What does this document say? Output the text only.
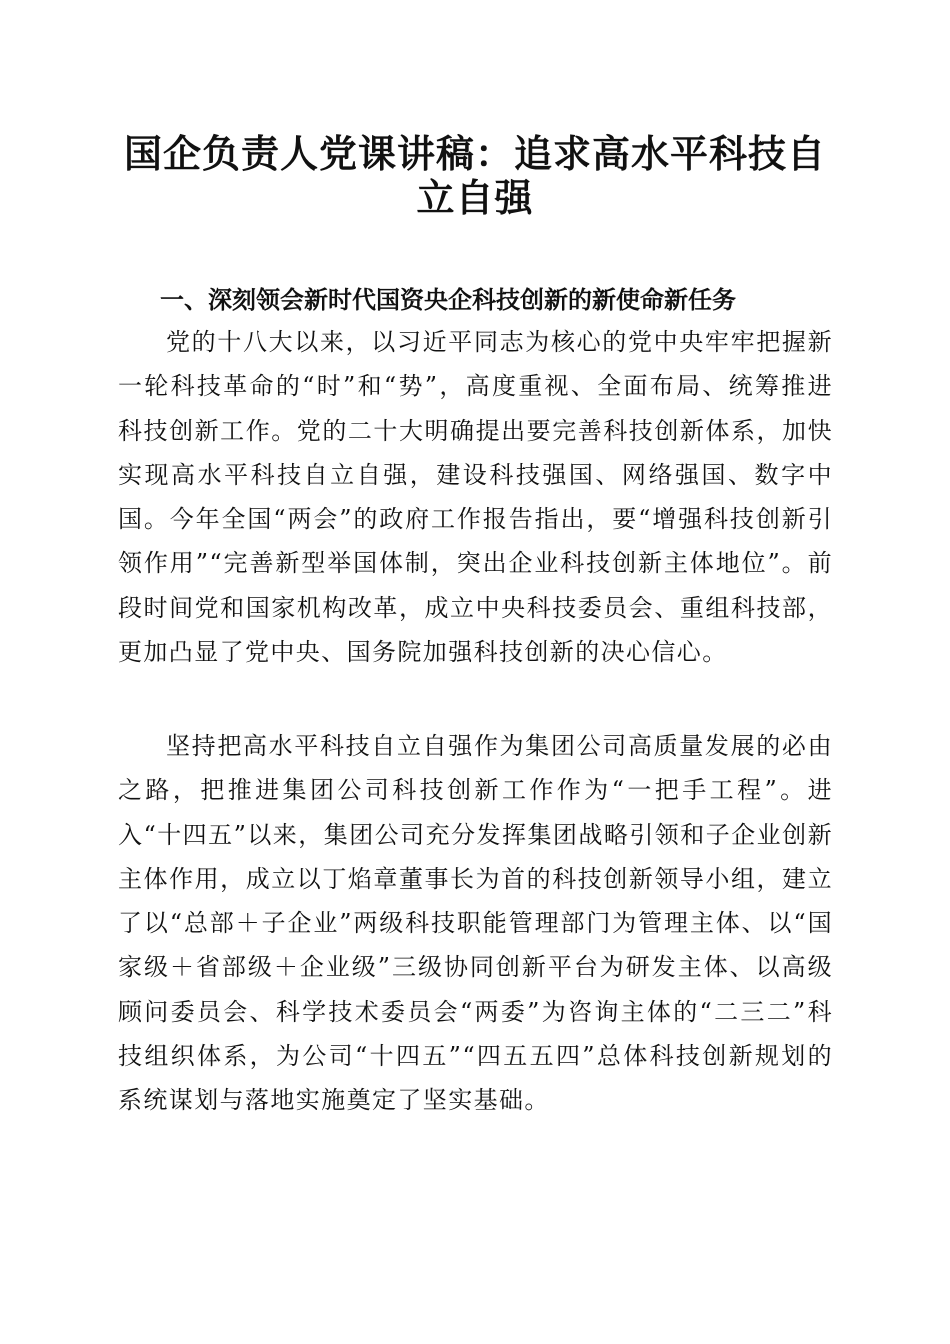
国企负责人党课讲稿：追求高水平科技自立自强
一、深刻领会新时代国资央企科技创新的新使命新任务

党的十八大以来，以习近平同志为核心的党中央牢牢把握新一轮科技革命的“时”和“势”，高度重视、全面布局、统筹推进科技创新工作。党的二十大明确提出要完善科技创新体系，加快实现高水平科技自立自强，建设科技强国、网络强国、数字中国。今年全国“两会”的政府工作报告指出，要“增强科技创新引领作用”“完善新型举国体制，突出企业科技创新主体地位”。前段时间党和国家机构改革，成立中央科技委员会、重组科技部，更加凸显了党中央、国务院加强科技创新的决心信心。

坚持把高水平科技自立自强作为集团公司高质量发展的必由之路，把推进集团公司科技创新工作作为“一把手工程”。进入“十四五”以来，集团公司充分发挥集团战略引领和子企业创新主体作用，成立以丁焰章董事长为首的科技创新领导小组，建立了以“总部＋子企业”两级科技职能管理部门为管理主体、以“国家级＋省部级＋企业级”三级协同创新平台为研发主体、以高级顾问委员会、科学技术委员会“两委”为咨询主体的“二三二”科技组织体系，为公司“十四五”“四五五四”总体科技创新规划的系统谋划与落地实施奠定了坚实基础。
